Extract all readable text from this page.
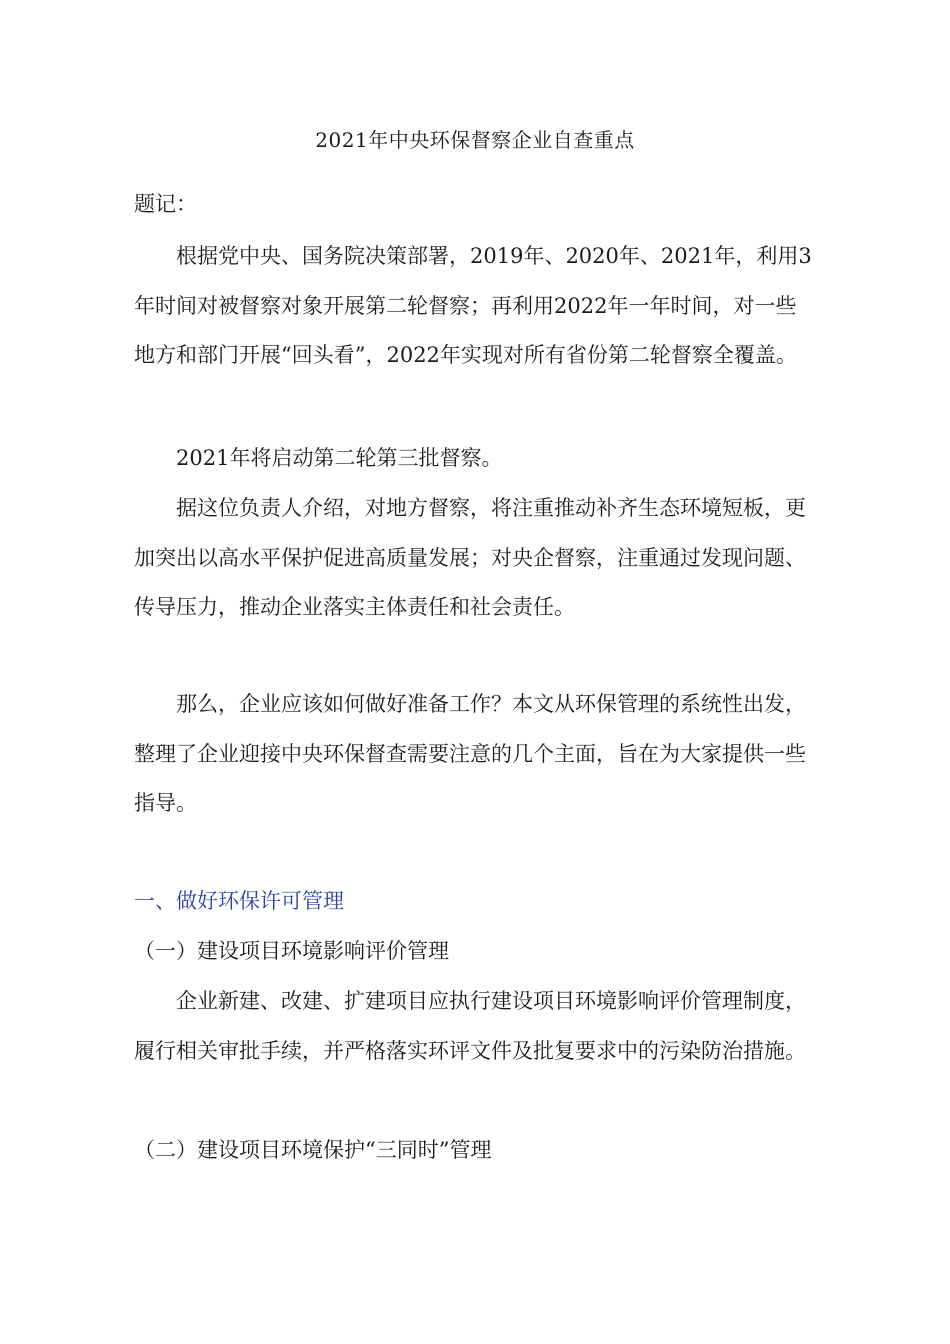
2021年中央环保督察企业自查重点

题记：

根据党中央、国务院决策部署，2019年、2020年、2021年，利用3年时间对被督察对象开展第二轮督察；再利用2022年一年时间，对一些地方和部门开展“回头看”，2022年实现对所有省份第二轮督察全覆盖。

2021年将启动第二轮第三批督察。

据这位负责人介绍，对地方督察，将注重推动补齐生态环境短板，更加突出以高水平保护促进高质量发展；对央企督察，注重通过发现问题、传导压力，推动企业落实主体责任和社会责任。

那么，企业应该如何做好准备工作？本文从环保管理的系统性出发，整理了企业迎接中央环保督查需要注意的几个主面，旨在为大家提供一些指导。

一、做好环保许可管理

（一）建设项目环境影响评价管理

企业新建、改建、扩建项目应执行建设项目环境影响评价管理制度，履行相关审批手续，并严格落实环评文件及批复要求中的污染防治措施。

（二）建设项目环境保护“三同时”管理
